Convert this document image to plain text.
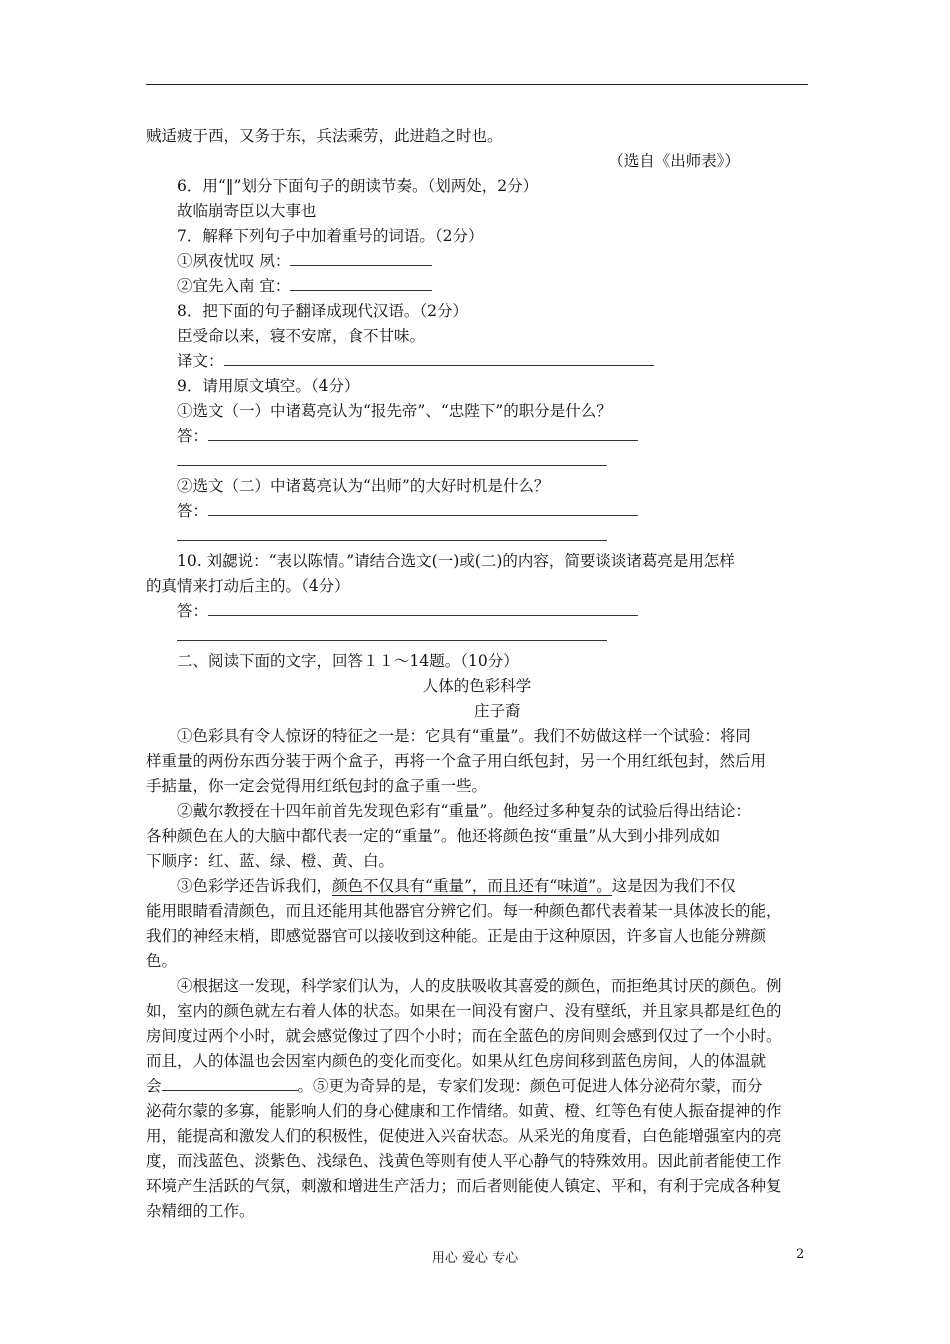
贼适疲于西，又务于东，兵法乘劳，此进趋之时也。
（选自《出师表》）
6．用“‖”划分下面句子的朗读节奏。（划两处，2分）
故临崩寄臣以大事也
7．解释下列句子中加着重号的词语。（2分）
①夙夜忧叹 夙：
②宜先入南 宜：
8．把下面的句子翻译成现代汉语。（2分）
臣受命以来，寝不安席，食不甘味。
译文：
9．请用原文填空。（4分）
①选文（一）中诸葛亮认为“报先帝”、“忠陛下”的职分是什么？
答：
②选文（二）中诸葛亮认为“出师”的大好时机是什么？
答：
10. 刘勰说：“表以陈情。”请结合选文(一)或(二)的内容，简要谈谈诸葛亮是用怎样
的真情来打动后主的。（4分）
答：
二、阅读下面的文字，回答１１～14题。（10分）
人体的色彩科学
庄子裔
①色彩具有令人惊讶的特征之一是：它具有“重量”。我们不妨做这样一个试验：将同
样重量的两份东西分装于两个盒子，再将一个盒子用白纸包封，另一个用红纸包封，然后用
手掂量，你一定会觉得用红纸包封的盒子重一些。
②戴尔教授在十四年前首先发现色彩有“重量”。他经过多种复杂的试验后得出结论：
各种颜色在人的大脑中都代表一定的“重量”。他还将颜色按“重量”从大到小排列成如
下顺序：红、蓝、绿、橙、黄、白。
③色彩学还告诉我们，颜色不仅具有“重量”，而且还有“味道”。这是因为我们不仅
能用眼睛看清颜色，而且还能用其他器官分辨它们。每一种颜色都代表着某一具体波长的能，
我们的神经末梢，即感觉器官可以接收到这种能。正是由于这种原因，许多盲人也能分辨颜
色。
④根据这一发现，科学家们认为，人的皮肤吸收其喜爱的颜色，而拒绝其讨厌的颜色。例
如，室内的颜色就左右着人体的状态。如果在一间没有窗户、没有壁纸，并且家具都是红色的
房间度过两个小时，就会感觉像过了四个小时；而在全蓝色的房间则会感到仅过了一个小时。
而且，人的体温也会因室内颜色的变化而变化。如果从红色房间移到蓝色房间，人的体温就
会	。⑤更为奇异的是，专家们发现：颜色可促进人体分泌荷尔蒙，而分
泌荷尔蒙的多寡，能影响人们的身心健康和工作情绪。如黄、橙、红等色有使人振奋提神的作
用，能提高和激发人们的积极性，促使进入兴奋状态。从采光的角度看，白色能增强室内的亮
度，而浅蓝色、淡紫色、浅绿色、浅黄色等则有使人平心静气的特殊效用。因此前者能使工作
环境产生活跃的气氛，刺激和增进生产活力；而后者则能使人镇定、平和，有利于完成各种复
杂精细的工作。
用心 爱心 专心	2
